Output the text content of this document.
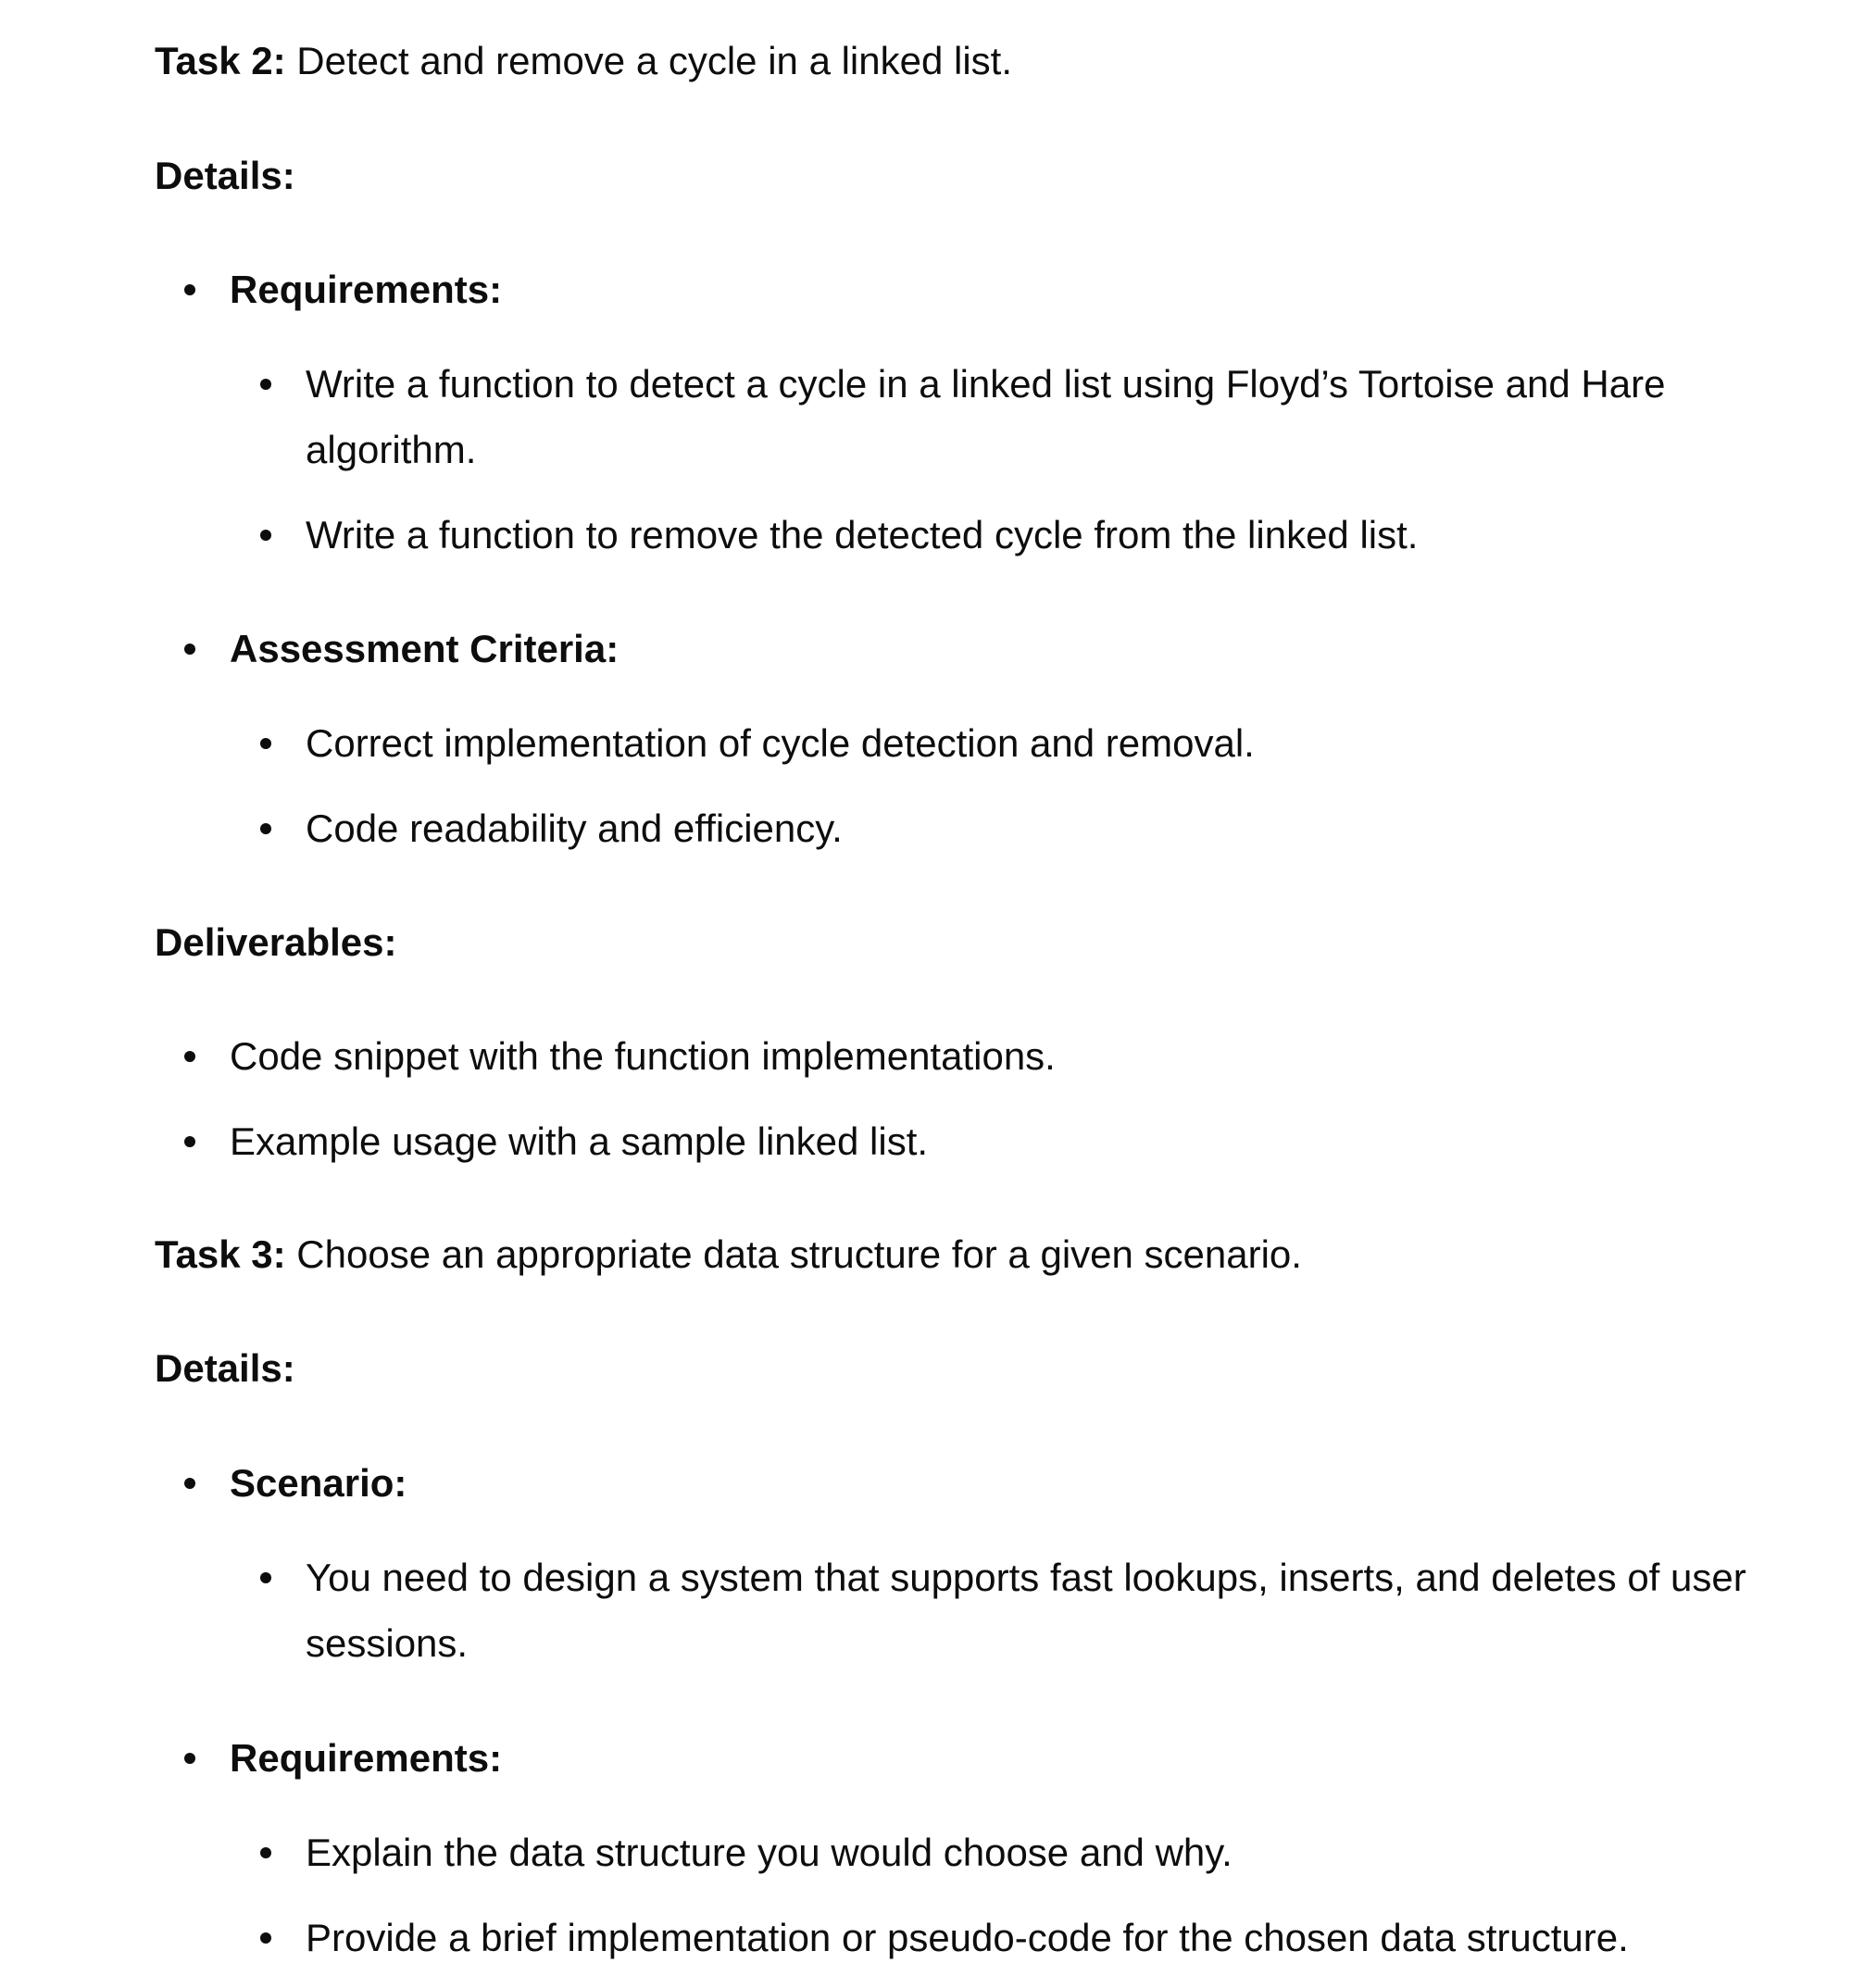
Task 2: Detect and remove a cycle in a linked list.
Details:
Requirements:
Write a function to detect a cycle in a linked list using Floyd’s Tortoise and Hare
algorithm.
Write a function to remove the detected cycle from the linked list.
Assessment Criteria:
Correct implementation of cycle detection and removal.
Code readability and efficiency.
Deliverables:
Code snippet with the function implementations.
Example usage with a sample linked list.
Task 3: Choose an appropriate data structure for a given scenario.
Details:
Scenario:
You need to design a system that supports fast lookups, inserts, and deletes of user
sessions.
Requirements:
Explain the data structure you would choose and why.
Provide a brief implementation or pseudo-code for the chosen data structure.
